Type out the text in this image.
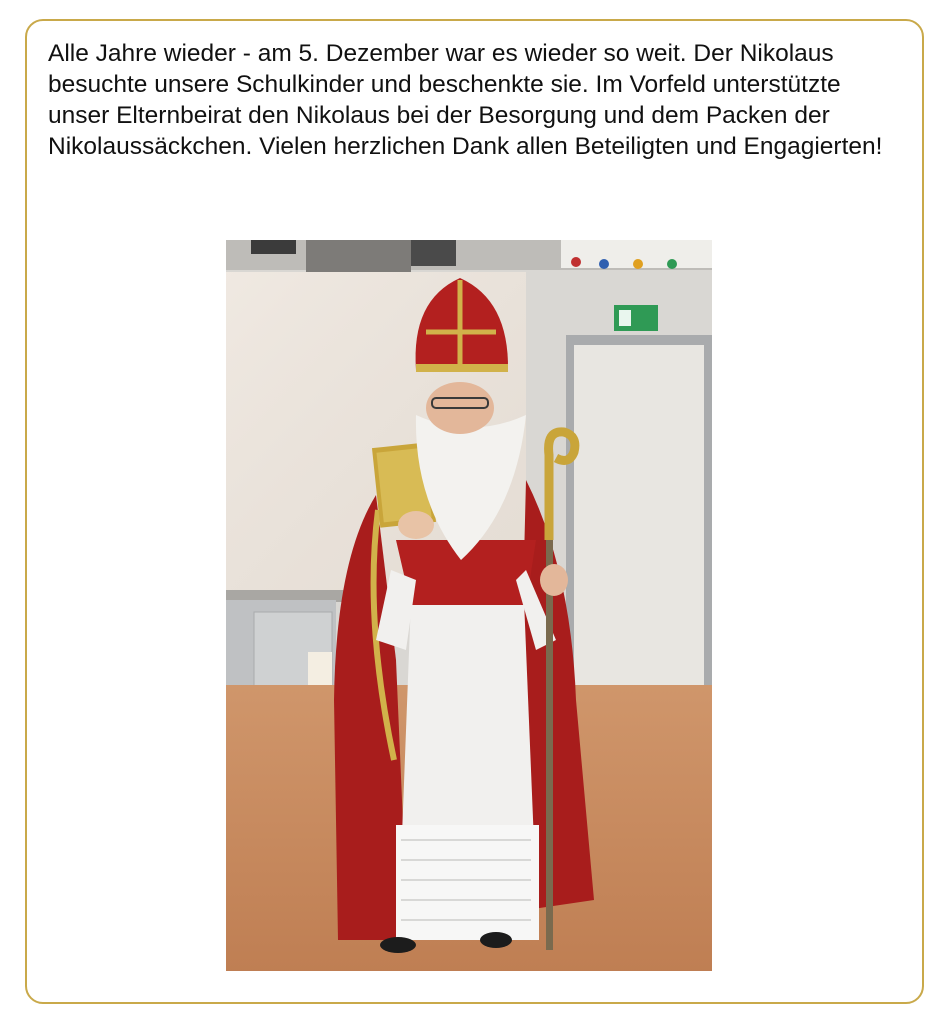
Alle Jahre wieder - am 5. Dezember war es wieder so weit. Der Nikolaus besuchte unsere Schulkinder und beschenkte sie. Im Vorfeld unterstützte unser Elternbeirat den Nikolaus bei der Besorgung und dem Packen der Nikolaussäckchen. Vielen herzlichen Dank allen Beteiligten und Engagierten!
